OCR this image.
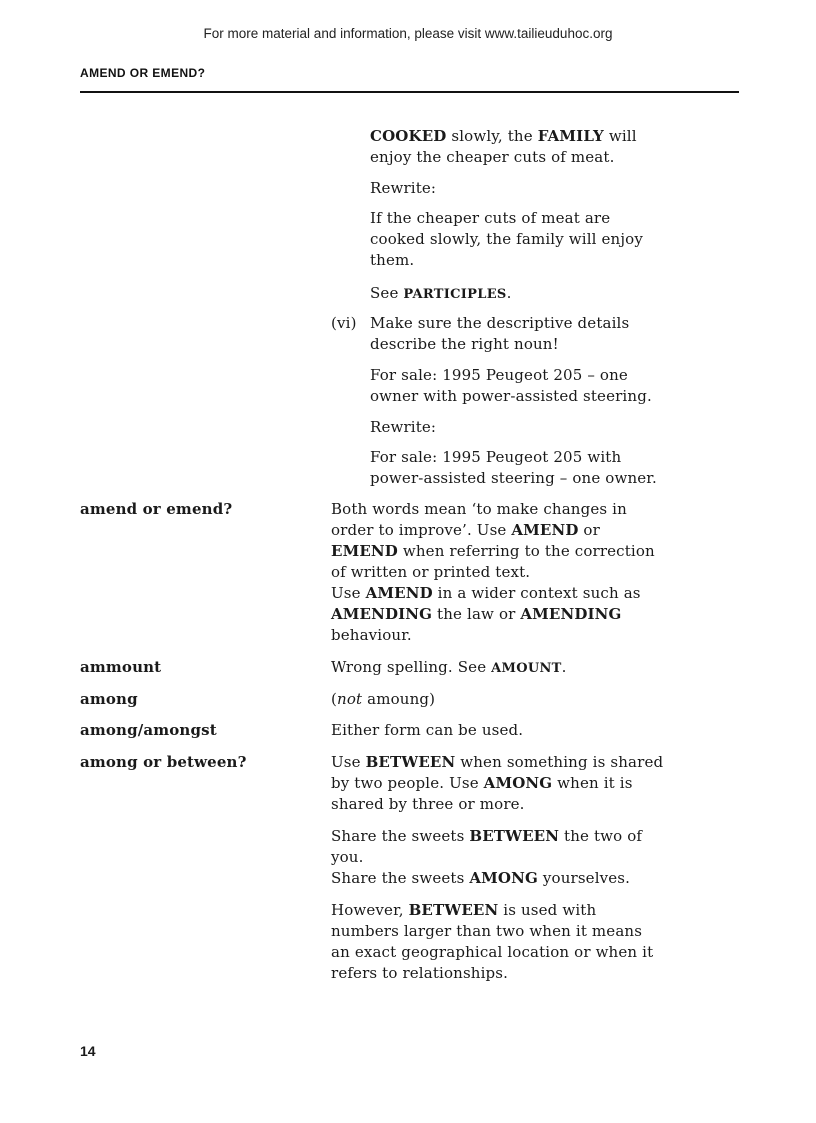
For more material and information, please visit www.tailieuduhoc.org
AMEND OR EMEND?

COOKED slowly, the FAMILY will

enjoy the cheaper cuts of meat.

Rewrite:

If the cheaper cuts of meat are

cooked slowly, the family will enjoy

them.

See PARTICIPLES.
(vi) Make sure the descriptive details

describe the right noun!

For sale: 1995 Peugeot 205 – one

owner with power-assisted steering.

Rewrite:

For sale: 1995 Peugeot 205 with

power-assisted steering – one owner.

amend or emend?	Both words mean ‘to make changes in

order to improve’. Use AMEND or

EMEND when referring to the correction

of written or printed text.

Use AMEND in a wider context such as

AMENDING the law or AMENDING

behaviour.

ammount	Wrong spelling. See AMOUNT.
among	(not amoung)
among/amongst	Either form can be used.
among or between?	Use BETWEEN when something is shared

by two people. Use AMONG when it is

shared by three or more.

Share the sweets BETWEEN the two of

you.

Share the sweets AMONG yourselves.

However, BETWEEN is used with

numbers larger than two when it means

an exact geographical location or when it

refers to relationships.

14
